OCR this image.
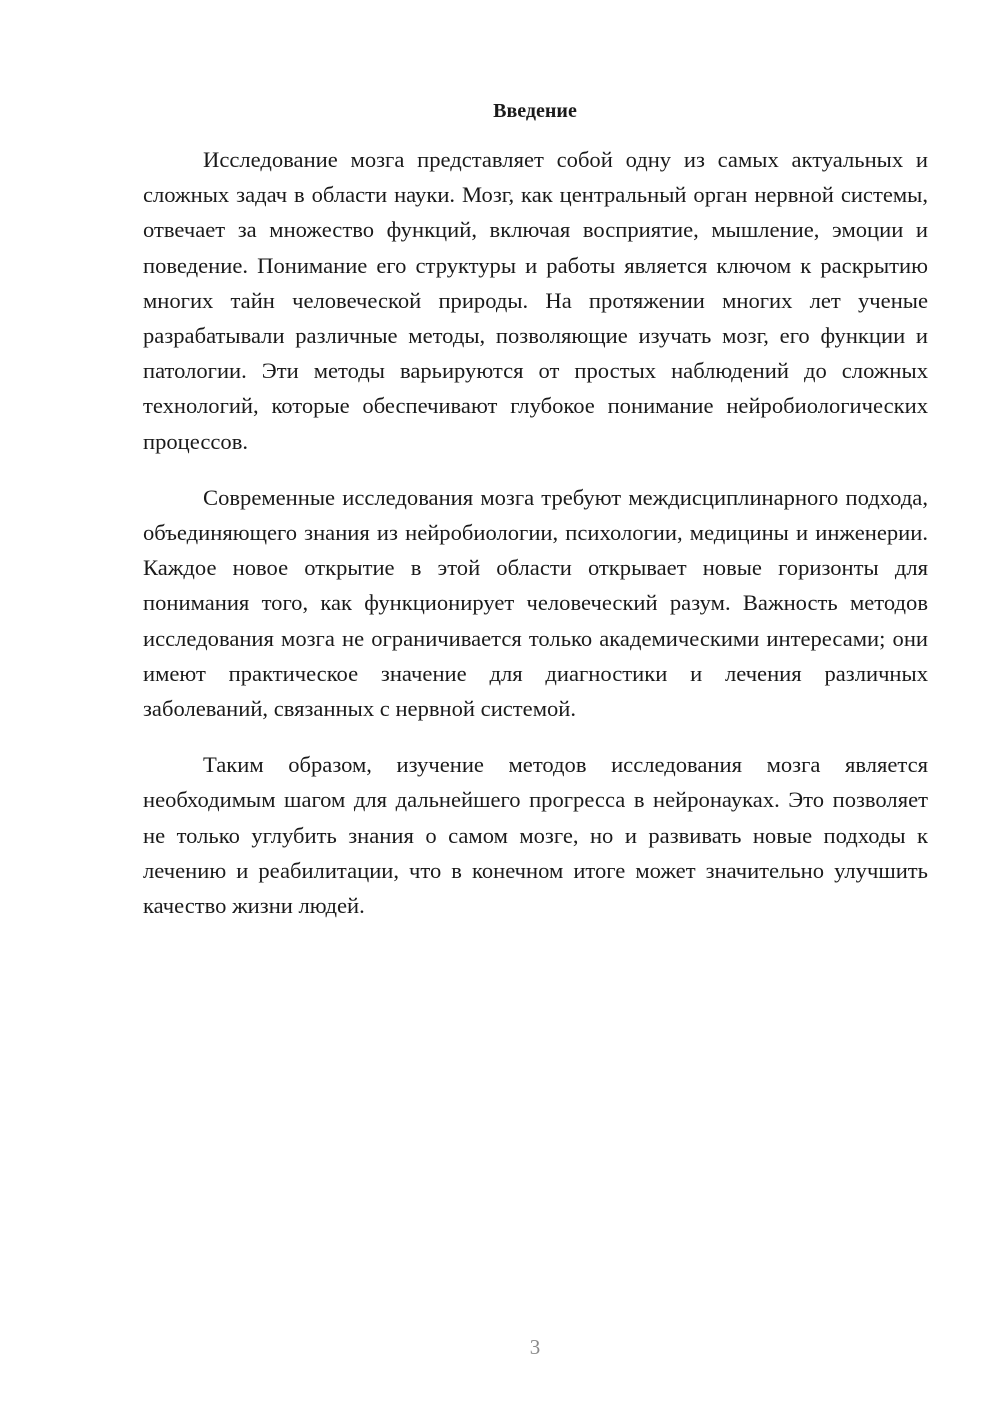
Введение

Исследование мозга представляет собой одну из самых актуальных и сложных задач в области науки. Мозг, как центральный орган нервной системы, отвечает за множество функций, включая восприятие, мышление, эмоции и поведение. Понимание его структуры и работы является ключом к раскрытию многих тайн человеческой природы. На протяжении многих лет ученые разрабатывали различные методы, позволяющие изучать мозг, его функции и патологии. Эти методы варьируются от простых наблюдений до сложных технологий, которые обеспечивают глубокое понимание нейробиологических процессов.

Современные исследования мозга требуют междисциплинарного подхода, объединяющего знания из нейробиологии, психологии, медицины и инженерии. Каждое новое открытие в этой области открывает новые горизонты для понимания того, как функционирует человеческий разум. Важность методов исследования мозга не ограничивается только академическими интересами; они имеют практическое значение для диагностики и лечения различных заболеваний, связанных с нервной системой.

Таким образом, изучение методов исследования мозга является необходимым шагом для дальнейшего прогресса в нейронауках. Это позволяет не только углубить знания о самом мозге, но и развивать новые подходы к лечению и реабилитации, что в конечном итоге может значительно улучшить качество жизни людей.

3
